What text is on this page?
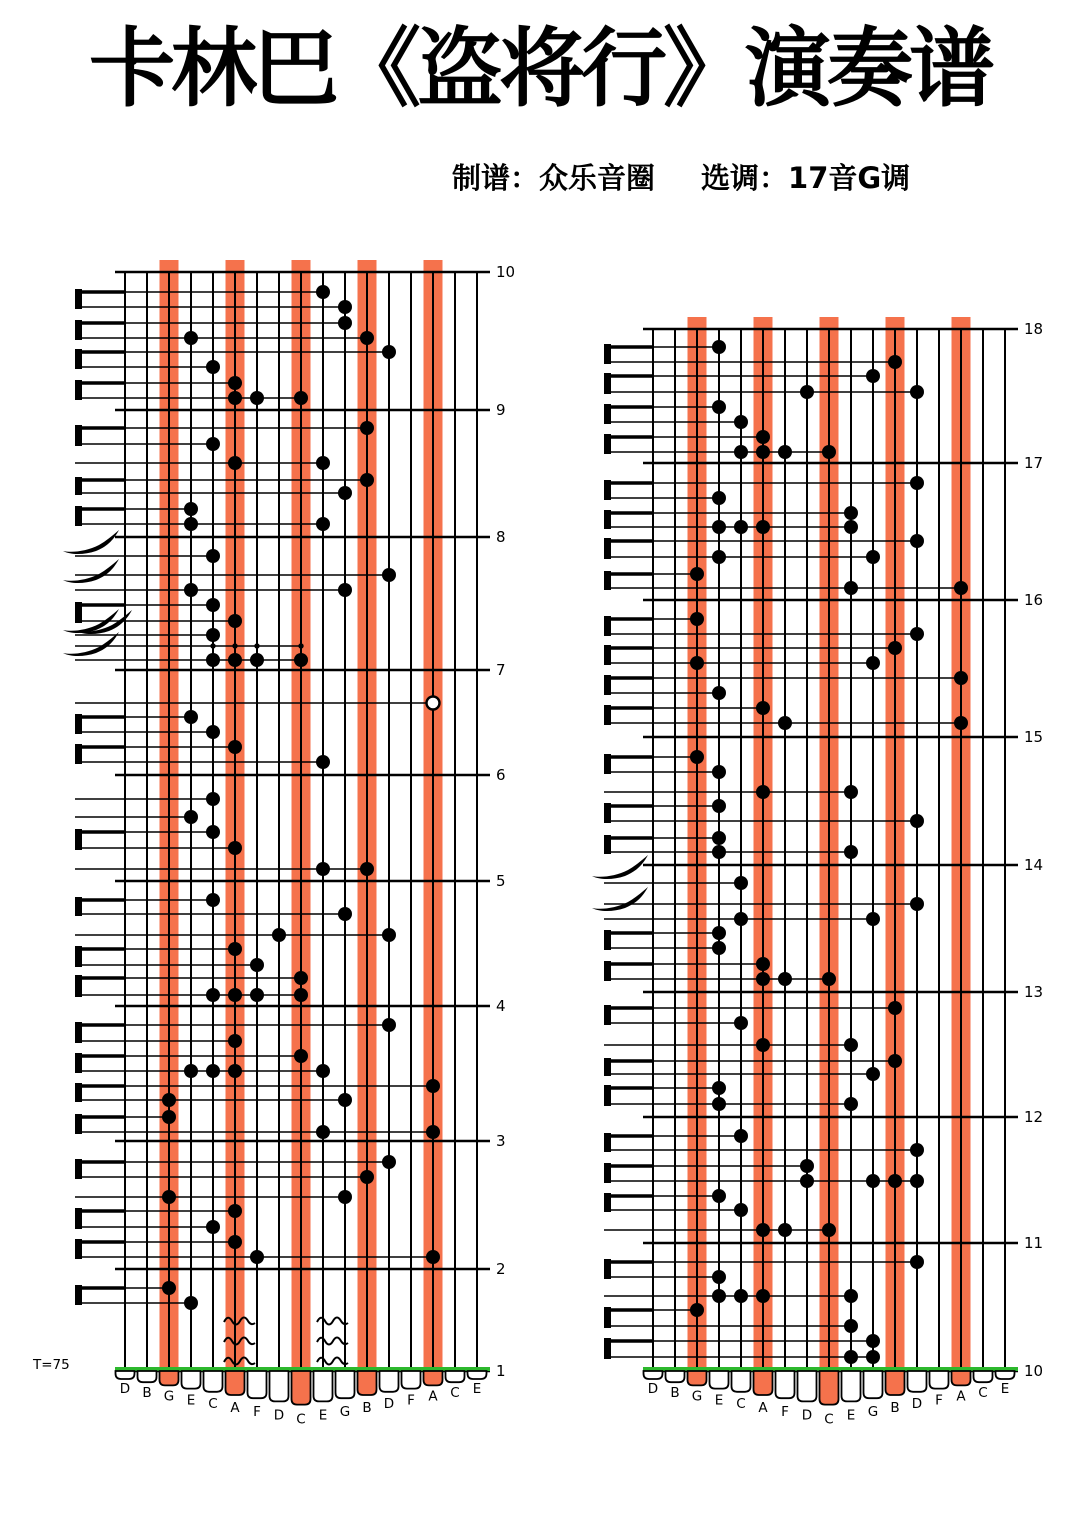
卡林巴《盗将行》演奏谱
制谱：众乐音圈 选调：17音G调
10
9
8
7
6
5
4
3
2
1
D B G E C A F D C E G B D F A C E
18
17
16
15
14
13
12
11
10
D B G E C A F D C E G B D F A C E
T=75
